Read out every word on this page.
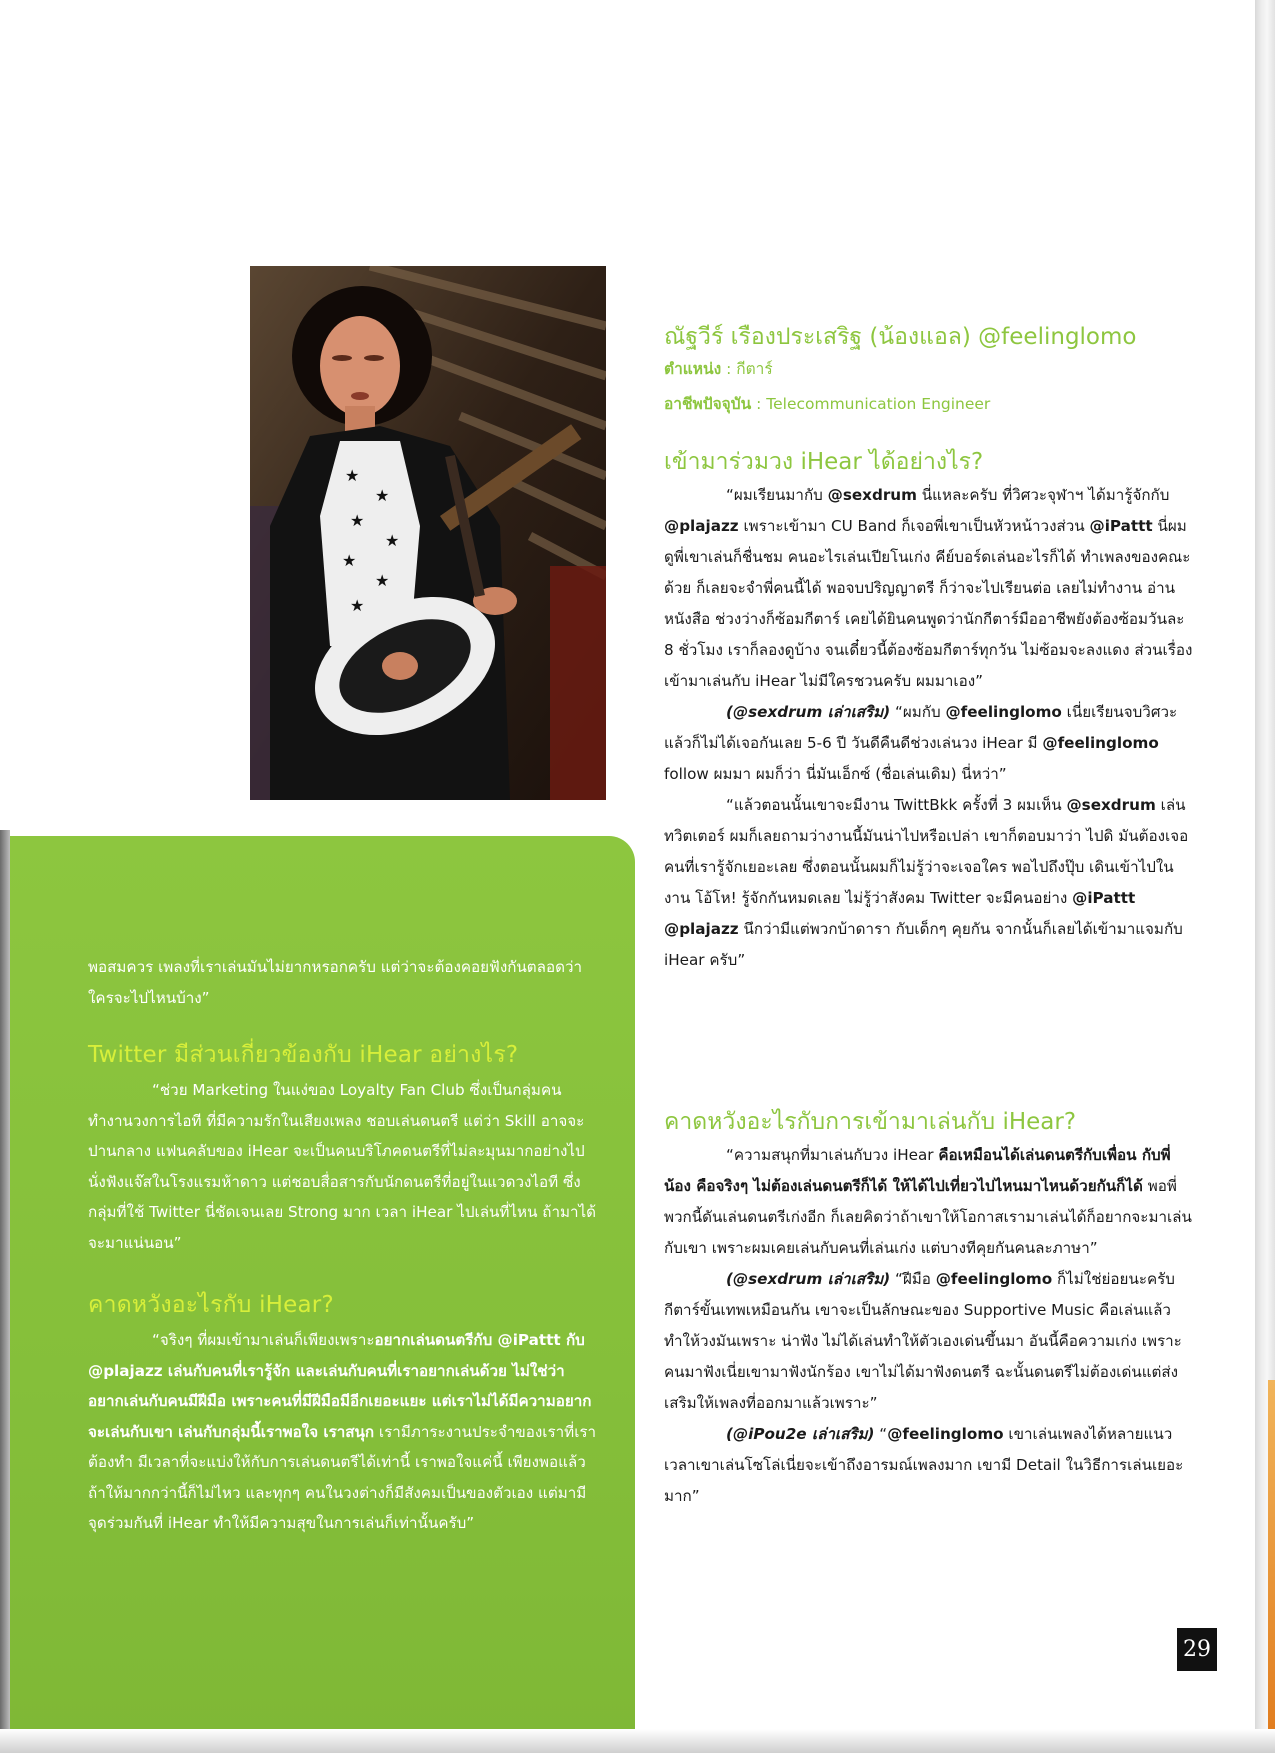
★
★
★
★
★
★
★
พอสมควร เพลงที่เราเล่นมันไม่ยากหรอกครับ แต่ว่าจะต้องคอยฟังกันตลอดว่าใครจะไปไหนบ้าง”
Twitter มีส่วนเกี่ยวข้องกับ iHear อย่างไร?
“ช่วย Marketing ในแง่ของ Loyalty Fan Club ซึ่งเป็นกลุ่มคนทำงานวงการไอที ที่มีความรักในเสียงเพลง ชอบเล่นดนตรี แต่ว่า Skill อาจจะปานกลาง แฟนคลับของ iHear จะเป็นคนบริโภคดนตรีที่ไม่ละมุนมากอย่างไปนั่งฟังแจ๊สในโรงแรมห้าดาว แต่ชอบสื่อสารกับนักดนตรีที่อยู่ในแวดวงไอที ซึ่งกลุ่มที่ใช้ Twitter นี่ชัดเจนเลย Strong มาก เวลา iHear ไปเล่นที่ไหน ถ้ามาได้จะมาแน่นอน”
คาดหวังอะไรกับ iHear?
“จริงๆ ที่ผมเข้ามาเล่นก็เพียงเพราะอยากเล่นดนตรีกับ @iPattt กับ @plajazz เล่นกับคนที่เรารู้จัก และเล่นกับคนที่เราอยากเล่นด้วย ไม่ใช่ว่าอยากเล่นกับคนมีฝีมือ เพราะคนที่มีฝีมือมีอีกเยอะแยะ แต่เราไม่ได้มีความอยากจะเล่นกับเขา เล่นกับกลุ่มนี้เราพอใจ เราสนุก เรามีภาระงานประจำของเราที่เราต้องทำ มีเวลาที่จะแบ่งให้กับการเล่นดนตรีได้เท่านี้ เราพอใจแค่นี้ เพียงพอแล้ว ถ้าให้มากกว่านี้ก็ไม่ไหว และทุกๆ คนในวงต่างก็มีสังคมเป็นของตัวเอง แต่มามีจุดร่วมกันที่ iHear ทำให้มีความสุขในการเล่นก็เท่านั้นครับ”
ณัฐวีร์ เรืองประเสริฐ (น้องแอล) @feelinglomo
ตำแหน่ง : กีตาร์
อาชีพปัจจุบัน : Telecommunication Engineer
เข้ามาร่วมวง iHear ได้อย่างไร?

“ผมเรียนมากับ @sexdrum นี่แหละครับ ที่วิศวะจุฬาฯ ได้มารู้จักกับ @plajazz เพราะเข้ามา CU Band ก็เจอพี่เขาเป็นหัวหน้าวงส่วน @iPattt นี่ผมดูพี่เขาเล่นก็ชื่นชม คนอะไรเล่นเปียโนเก่ง คีย์บอร์ดเล่นอะไรก็ได้ ทำเพลงของคณะด้วย ก็เลยจะจำพี่คนนี้ได้ พอจบปริญญาตรี ก็ว่าจะไปเรียนต่อ เลยไม่ทำงาน อ่านหนังสือ ช่วงว่างก็ซ้อมกีตาร์ เคยได้ยินคนพูดว่านักกีตาร์มืออาชีพยังต้องซ้อมวันละ 8 ชั่วโมง เราก็ลองดูบ้าง จนเดี๋ยวนี้ต้องซ้อมกีตาร์ทุกวัน ไม่ซ้อมจะลงแดง ส่วนเรื่องเข้ามาเล่นกับ iHear ไม่มีใครชวนครับ ผมมาเอง”

(@sexdrum เล่าเสริม) “ผมกับ @feelinglomo เนี่ยเรียนจบวิศวะแล้วก็ไม่ได้เจอกันเลย 5-6 ปี วันดีคืนดีช่วงเล่นวง iHear มี @feelinglomo follow ผมมา ผมก็ว่า นี่มันเอ็กซ์ (ชื่อเล่นเดิม) นี่หว่า”

“แล้วตอนนั้นเขาจะมีงาน TwittBkk ครั้งที่ 3 ผมเห็น @sexdrum เล่นทวิตเตอร์ ผมก็เลยถามว่างานนี้มันน่าไปหรือเปล่า เขาก็ตอบมาว่า ไปดิ มันต้องเจอคนที่เรารู้จักเยอะเลย ซึ่งตอนนั้นผมก็ไม่รู้ว่าจะเจอใคร พอไปถึงปุ๊บ เดินเข้าไปในงาน โอ้โห! รู้จักกันหมดเลย ไม่รู้ว่าสังคม Twitter จะมีคนอย่าง @iPattt @plajazz นึกว่ามีแต่พวกบ้าดารา กับเด็กๆ คุยกัน จากนั้นก็เลยได้เข้ามาแจมกับ iHear ครับ”

คาดหวังอะไรกับการเข้ามาเล่นกับ iHear?

“ความสนุกที่มาเล่นกับวง iHear คือเหมือนได้เล่นดนตรีกับเพื่อน กับพี่น้อง คือจริงๆ ไม่ต้องเล่นดนตรีก็ได้ ให้ได้ไปเที่ยวไปไหนมาไหนด้วยกันก็ได้ พอพี่พวกนี้ดันเล่นดนตรีเก่งอีก ก็เลยคิดว่าถ้าเขาให้โอกาสเรามาเล่นได้ก็อยากจะมาเล่นกับเขา เพราะผมเคยเล่นกับคนที่เล่นเก่ง แต่บางทีคุยกันคนละภาษา”

(@sexdrum เล่าเสริม) “ฝีมือ @feelinglomo ก็ไม่ใช่ย่อยนะครับ กีตาร์ขั้นเทพเหมือนกัน เขาจะเป็นลักษณะของ Supportive Music คือเล่นแล้วทำให้วงมันเพราะ น่าฟัง ไม่ได้เล่นทำให้ตัวเองเด่นขึ้นมา อันนี้คือความเก่ง เพราะคนมาฟังเนี่ยเขามาฟังนักร้อง เขาไม่ได้มาฟังดนตรี ฉะนั้นดนตรีไม่ต้องเด่นแต่ส่งเสริมให้เพลงที่ออกมาแล้วเพราะ”

(@iPou2e เล่าเสริม) “@feelinglomo เขาเล่นเพลงได้หลายแนว เวลาเขาเล่นโซโล่เนี่ยจะเข้าถึงอารมณ์เพลงมาก เขามี Detail ในวิธีการเล่นเยอะมาก”

29
